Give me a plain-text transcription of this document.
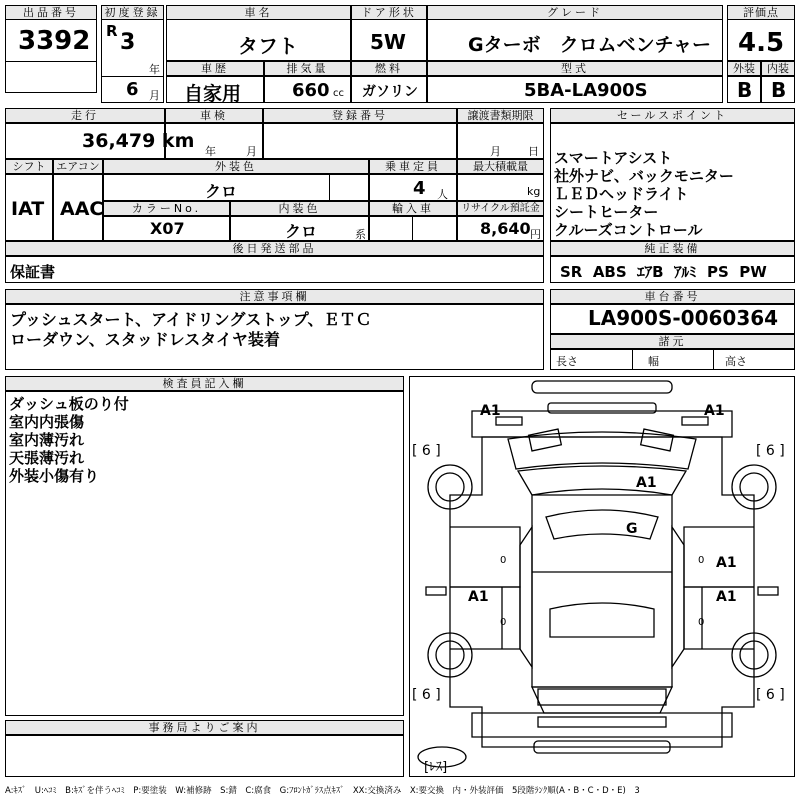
出品番号
3392
初度登録
R 3
年
6 月
車名
タフト
ドア形状
5W
グレード
Gターボ　クロムベンチャー
評価点
4.5
車歴
自家用
排気量
660 cc
燃料
ガソリン
型式
5BA-LA900S
外装	内装
B B
走行
36,479 km
車検
年	月
登録番号	譲渡書類期限
月 日
シフト エアコン
IAT AAC
外装色
クロ
乗車定員
4 人
最大積載量
kg
カラーNo.
X07
内装色
クロ	系
輸入車	リサイクル預託金
8,640 円
後日発送部品
保証書
セールスポイント
スマートアシスト
社外ナビ、バックモニター
ＬＥＤヘッドライト
シートヒーター
クルーズコントロール
純正装備
SR ABS ｴｱB ｱﾙﾐ PS PW
注意事項欄
プッシュスタート、アイドリングストップ、ＥＴＣ
ローダウン、スタッドレスタイヤ装着
車台番号
LA900S-0060364
諸元
長さ	幅	高さ
検査員記入欄
ダッシュ板のり付
室内内張傷
室内薄汚れ
天張薄汚れ
外装小傷有り
事務局よりご案内
A1	A1
A1
G
A1
A1	A1
[ 6 ]	[ 6 ]
[ 6 ]	[ 6 ]
0	0
0	0
[ﾚｽ]
A:ｷｽﾞ　U:ﾍｺﾐ　B:ｷｽﾞを伴うﾍｺﾐ　P:要塗装　W:補修跡　S:錆　C:腐食　G:ﾌﾛﾝﾄｶﾞﾗｽ点ｷｽﾞ　XX:交換済み　X:要交換　内・外装評価　5段階ﾗﾝｸ順(A・B・C・D・E)　3
